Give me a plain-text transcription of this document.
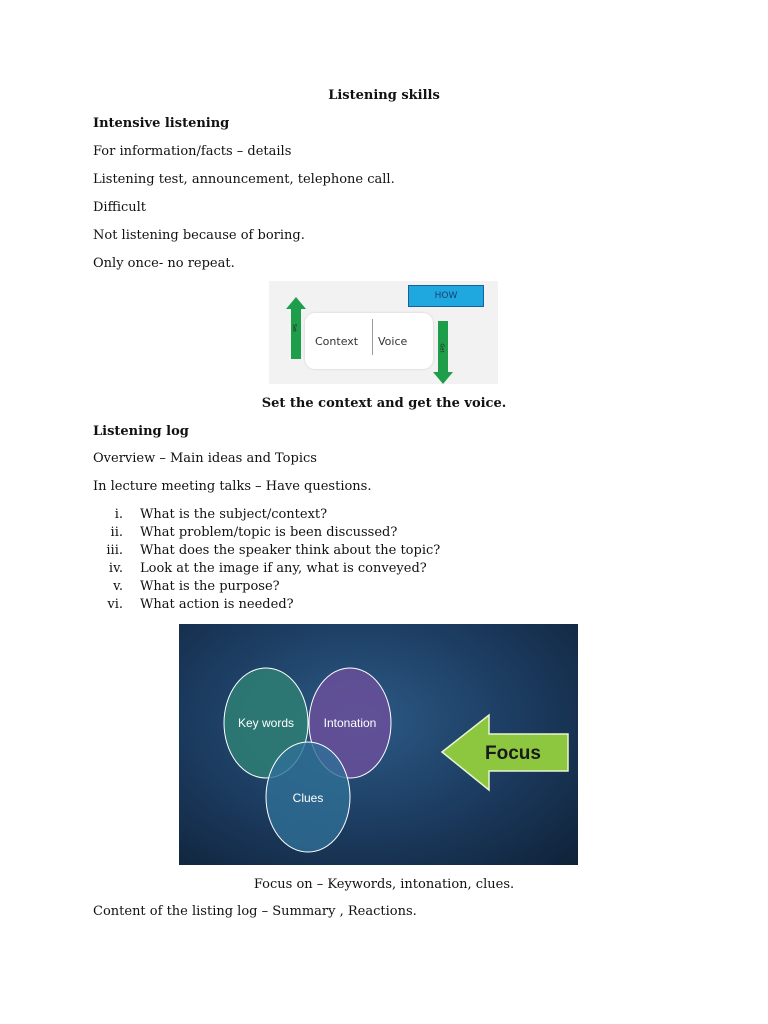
Listening skills
Intensive listening
For information/facts – details
Listening test, announcement, telephone call.
Difficult
Not listening because of boring.
Only once- no repeat.
Set
Get
HOW
Context Voice
Set the context and get the voice.
Listening log
Overview – Main ideas and Topics
In lecture meeting talks – Have questions.
i. What is the subject/context?
ii. What problem/topic is been discussed?
iii. What does the speaker think about the topic?
iv. Look at the image if any, what is conveyed?
v. What is the purpose?
vi. What action is needed?
Key words Intonation
Clues
Focus
Focus on – Keywords, intonation, clues.
Content of the listing log – Summary , Reactions.
